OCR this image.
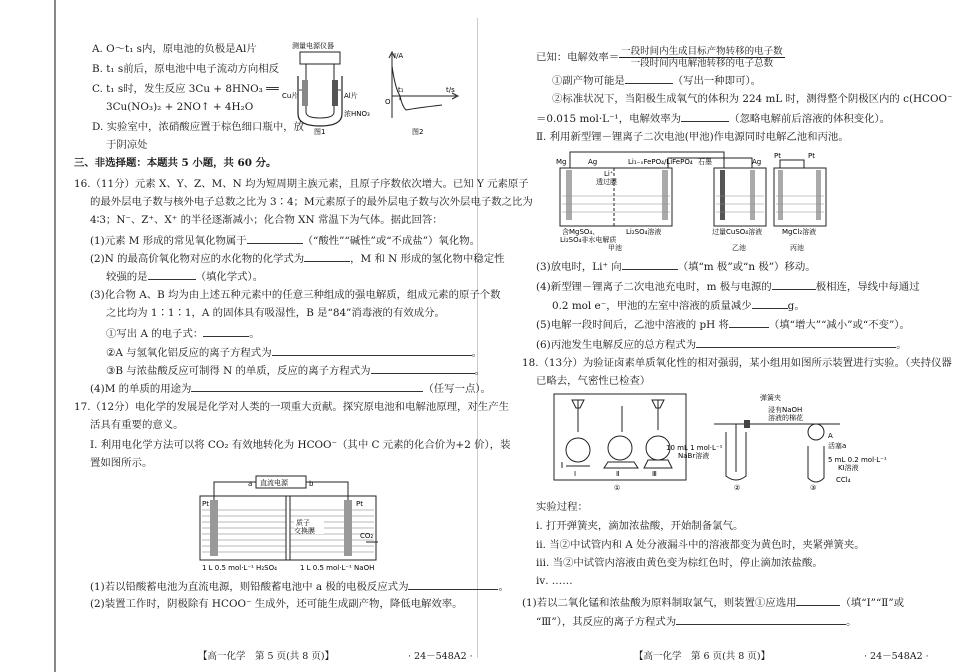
A. O～t₁ s内，原电池的负极是Al片
B. t₁ s前后，原电池中电子流动方向相反
C. t₁ s时，发生反应 3Cu + 8HNO₃ ══
3Cu(NO₃)₂ + 2NO↑ + 4H₂O
D. 实验室中，浓硝酸应置于棕色细口瓶中，放
于阴凉处
测量电源仪器
Cu片	Al片
浓HNO₃
图1
I/A
O
t₁	t/s
图2
三、非选择题：本题共 5 小题，共 60 分。
16.（11分）元素 X、Y、Z、M、N 均为短周期主族元素，且原子序数依次增大。已知 Y 元素原子
的最外层电子数与核外电子总数之比为 3∶4；M元素原子的最外层电子数与次外层电子数之比为
4∶3；N⁻、Z⁺、X⁺ 的半径逐渐减小；化合物 XN 常温下为气体。据此回答：
(1)元素 M 形成的常见氧化物属于	（“酸性”“碱性”或“不成盐”）氧化物。
(2)N 的最高价氧化物对应的水化物的化学式为	，M 和 N 形成的氢化物中稳定性
较强的是	（填化学式）。
(3)化合物 A、B 均为由上述五种元素中的任意三种组成的强电解质，组成元素的原子个数
之比均为 1∶1∶1，A 的固体具有吸湿性，B 是“84”消毒液的有效成分。
①写出 A 的电子式：	。
②A 与氢氧化铝反应的离子方程式为	。
③B 与浓盐酸反应可制得 N 的单质，反应的离子方程式为	。
(4)M 的单质的用途为	（任写一点）。
17.（12分）电化学的发展是化学对人类的一项重大贡献。探究原电池和电解池原理，对生产生
活具有重要的意义。
Ⅰ. 利用电化学方法可以将 CO₂ 有效地转化为 HCOO⁻（其中 C 元素的化合价为+2 价），装
置如图所示。
直流电源
a	b
Pt	Pt
质子
交换膜
CO₂
1 L 0.5 mol·L⁻¹ H₂SO₄	1 L 0.5 mol·L⁻¹ NaOH
(1)若以铅酸蓄电池为直流电源，则铅酸蓄电池中 a 极的电极反应式为	。
(2)装置工作时，阴极除有 HCOO⁻ 生成外，还可能生成副产物，降低电解效率。
【高一化学　第 5 页(共 8 页)】	· 24－548A2 ·
已知：电解效率＝ $\frac{\text{一段时间内生成目标产物转移的电子数}}{\text{一段时间内电解池转移的电子总数}}$
①副产物可能是	（写出一种即可）。
②标准状况下，当阳极生成氧气的体积为 224 mL 时，测得整个阴极区内的 c(HCOO⁻
＝0.015 mol·L⁻¹，电解效率为	（忽略电解前后溶液的体积变化）。
Ⅱ. 利用新型锂－锂离子二次电池(甲池)作电源同时电解乙池和丙池。
Mg	Ag
Li⁺
透过膜
Li₁₋ₓFePO₄/LiFePO₄
含MgSO₄、
Li₂SO₄非水电解质
Li₂SO₄溶液
甲池
石墨	Ag
过量CuSO₄溶液
乙池
Pt	Pt
MgCl₂溶液
丙池
(3)放电时，Li⁺ 向	（填“m 极”或“n 极”）移动。
(4)新型锂－锂离子二次电池充电时，m 极与电源的	极相连，导线中每通过
0.2 mol e⁻，甲池的左室中溶液的质量减少	g。
(5)电解一段时间后，乙池中溶液的 pH 将	（填“增大”“减小”或“不变”）。
(6)丙池发生电解反应的总方程式为	。
18.（13分）为验证卤素单质氧化性的相对强弱，某小组用如图所示装置进行实验。（夹持仪器
已略去，气密性已检查）
Ⅰ	Ⅱ	Ⅲ
①
弹簧夹
浸有NaOH
溶液的棉花
A
活塞a
10 mL 1 mol·L⁻¹
NaBr溶液	5 mL 0.2 mol·L⁻¹
KI溶液
CCl₄
②	③
实验过程：
ⅰ. 打开弹簧夹，滴加浓盐酸，开始制备氯气。
ⅱ. 当②中试管内和 A 处分液漏斗中的溶液都变为黄色时，夹紧弹簧夹。
ⅲ. 当②中试管内溶液由黄色变为棕红色时，停止滴加浓盐酸。
ⅳ. ……
(1)若以二氧化锰和浓盐酸为原料制取氯气，则装置①应选用	（填“Ⅰ”“Ⅱ”或
“Ⅲ”），其反应的离子方程式为	。
【高一化学　第 6 页(共 8 页)】	· 24－548A2 ·
